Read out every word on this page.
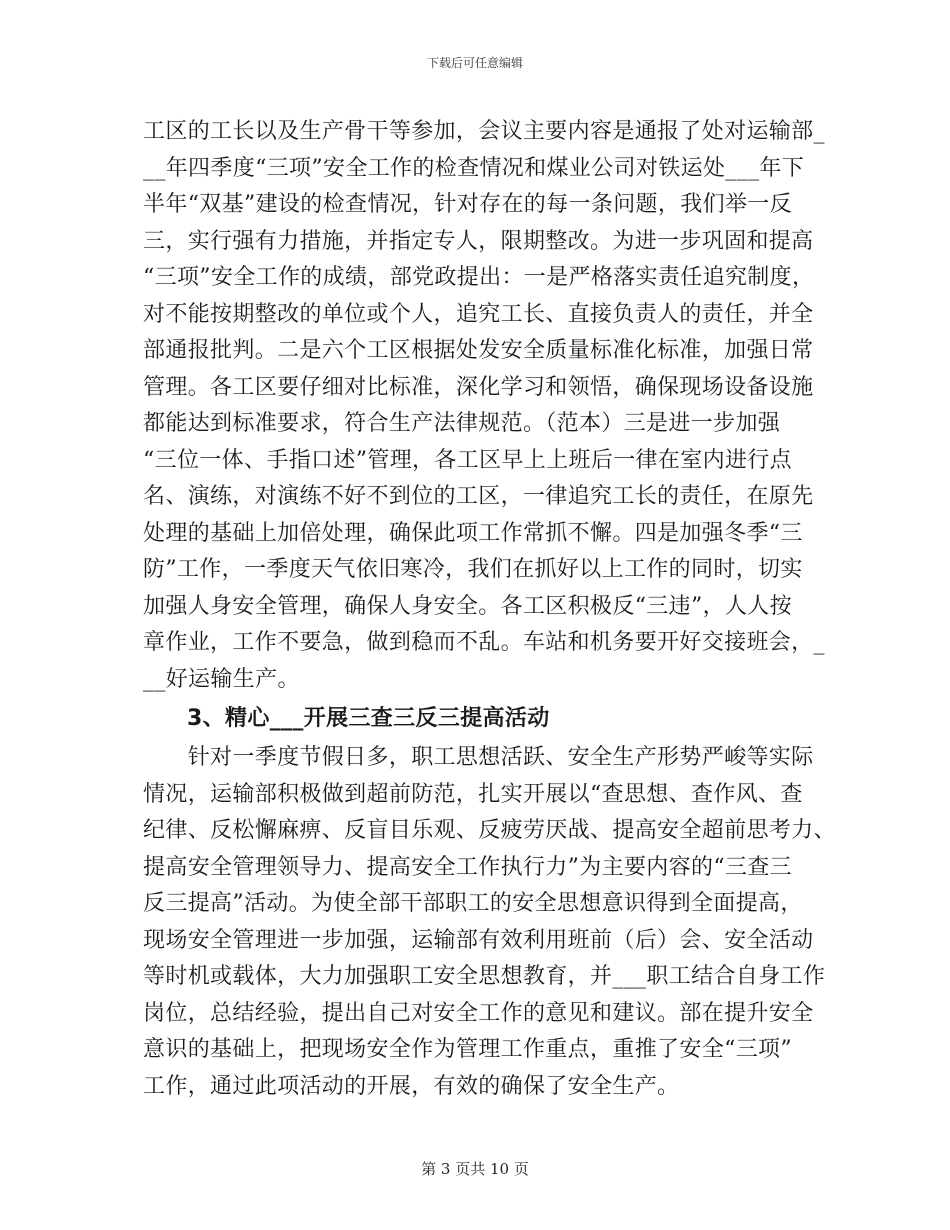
下载后可任意编辑
工区的工长以及生产骨干等参加，会议主要内容是通报了处对运输部_
__年四季度“三项”安全工作的检查情况和煤业公司对铁运处___年下
半年“双基”建设的检查情况，针对存在的每一条问题，我们举一反
三，实行强有力措施，并指定专人，限期整改。为进一步巩固和提高
“三项”安全工作的成绩，部党政提出：一是严格落实责任追究制度，
对不能按期整改的单位或个人，追究工长、直接负责人的责任，并全
部通报批判。二是六个工区根据处发安全质量标准化标准，加强日常
管理。各工区要仔细对比标准，深化学习和领悟，确保现场设备设施
都能达到标准要求，符合生产法律规范。（范本）三是进一步加强
“三位一体、手指口述”管理，各工区早上上班后一律在室内进行点
名、演练，对演练不好不到位的工区，一律追究工长的责任，在原先
处理的基础上加倍处理，确保此项工作常抓不懈。四是加强冬季“三
防”工作，一季度天气依旧寒冷，我们在抓好以上工作的同时，切实
加强人身安全管理，确保人身安全。各工区积极反“三违”，人人按
章作业，工作不要急，做到稳而不乱。车站和机务要开好交接班会，_
__好运输生产。
3、精心___开展三查三反三提高活动
　　针对一季度节假日多，职工思想活跃、安全生产形势严峻等实际
情况，运输部积极做到超前防范，扎实开展以“查思想、查作风、查
纪律、反松懈麻痹、反盲目乐观、反疲劳厌战、提高安全超前思考力、
提高安全管理领导力、提高安全工作执行力”为主要内容的“三查三
反三提高”活动。为使全部干部职工的安全思想意识得到全面提高，
现场安全管理进一步加强，运输部有效利用班前（后）会、安全活动
等时机或载体，大力加强职工安全思想教育，并___职工结合自身工作
岗位，总结经验，提出自己对安全工作的意见和建议。部在提升安全
意识的基础上，把现场安全作为管理工作重点，重推了安全“三项”
工作，通过此项活动的开展，有效的确保了安全生产。
第 3 页共 10 页
